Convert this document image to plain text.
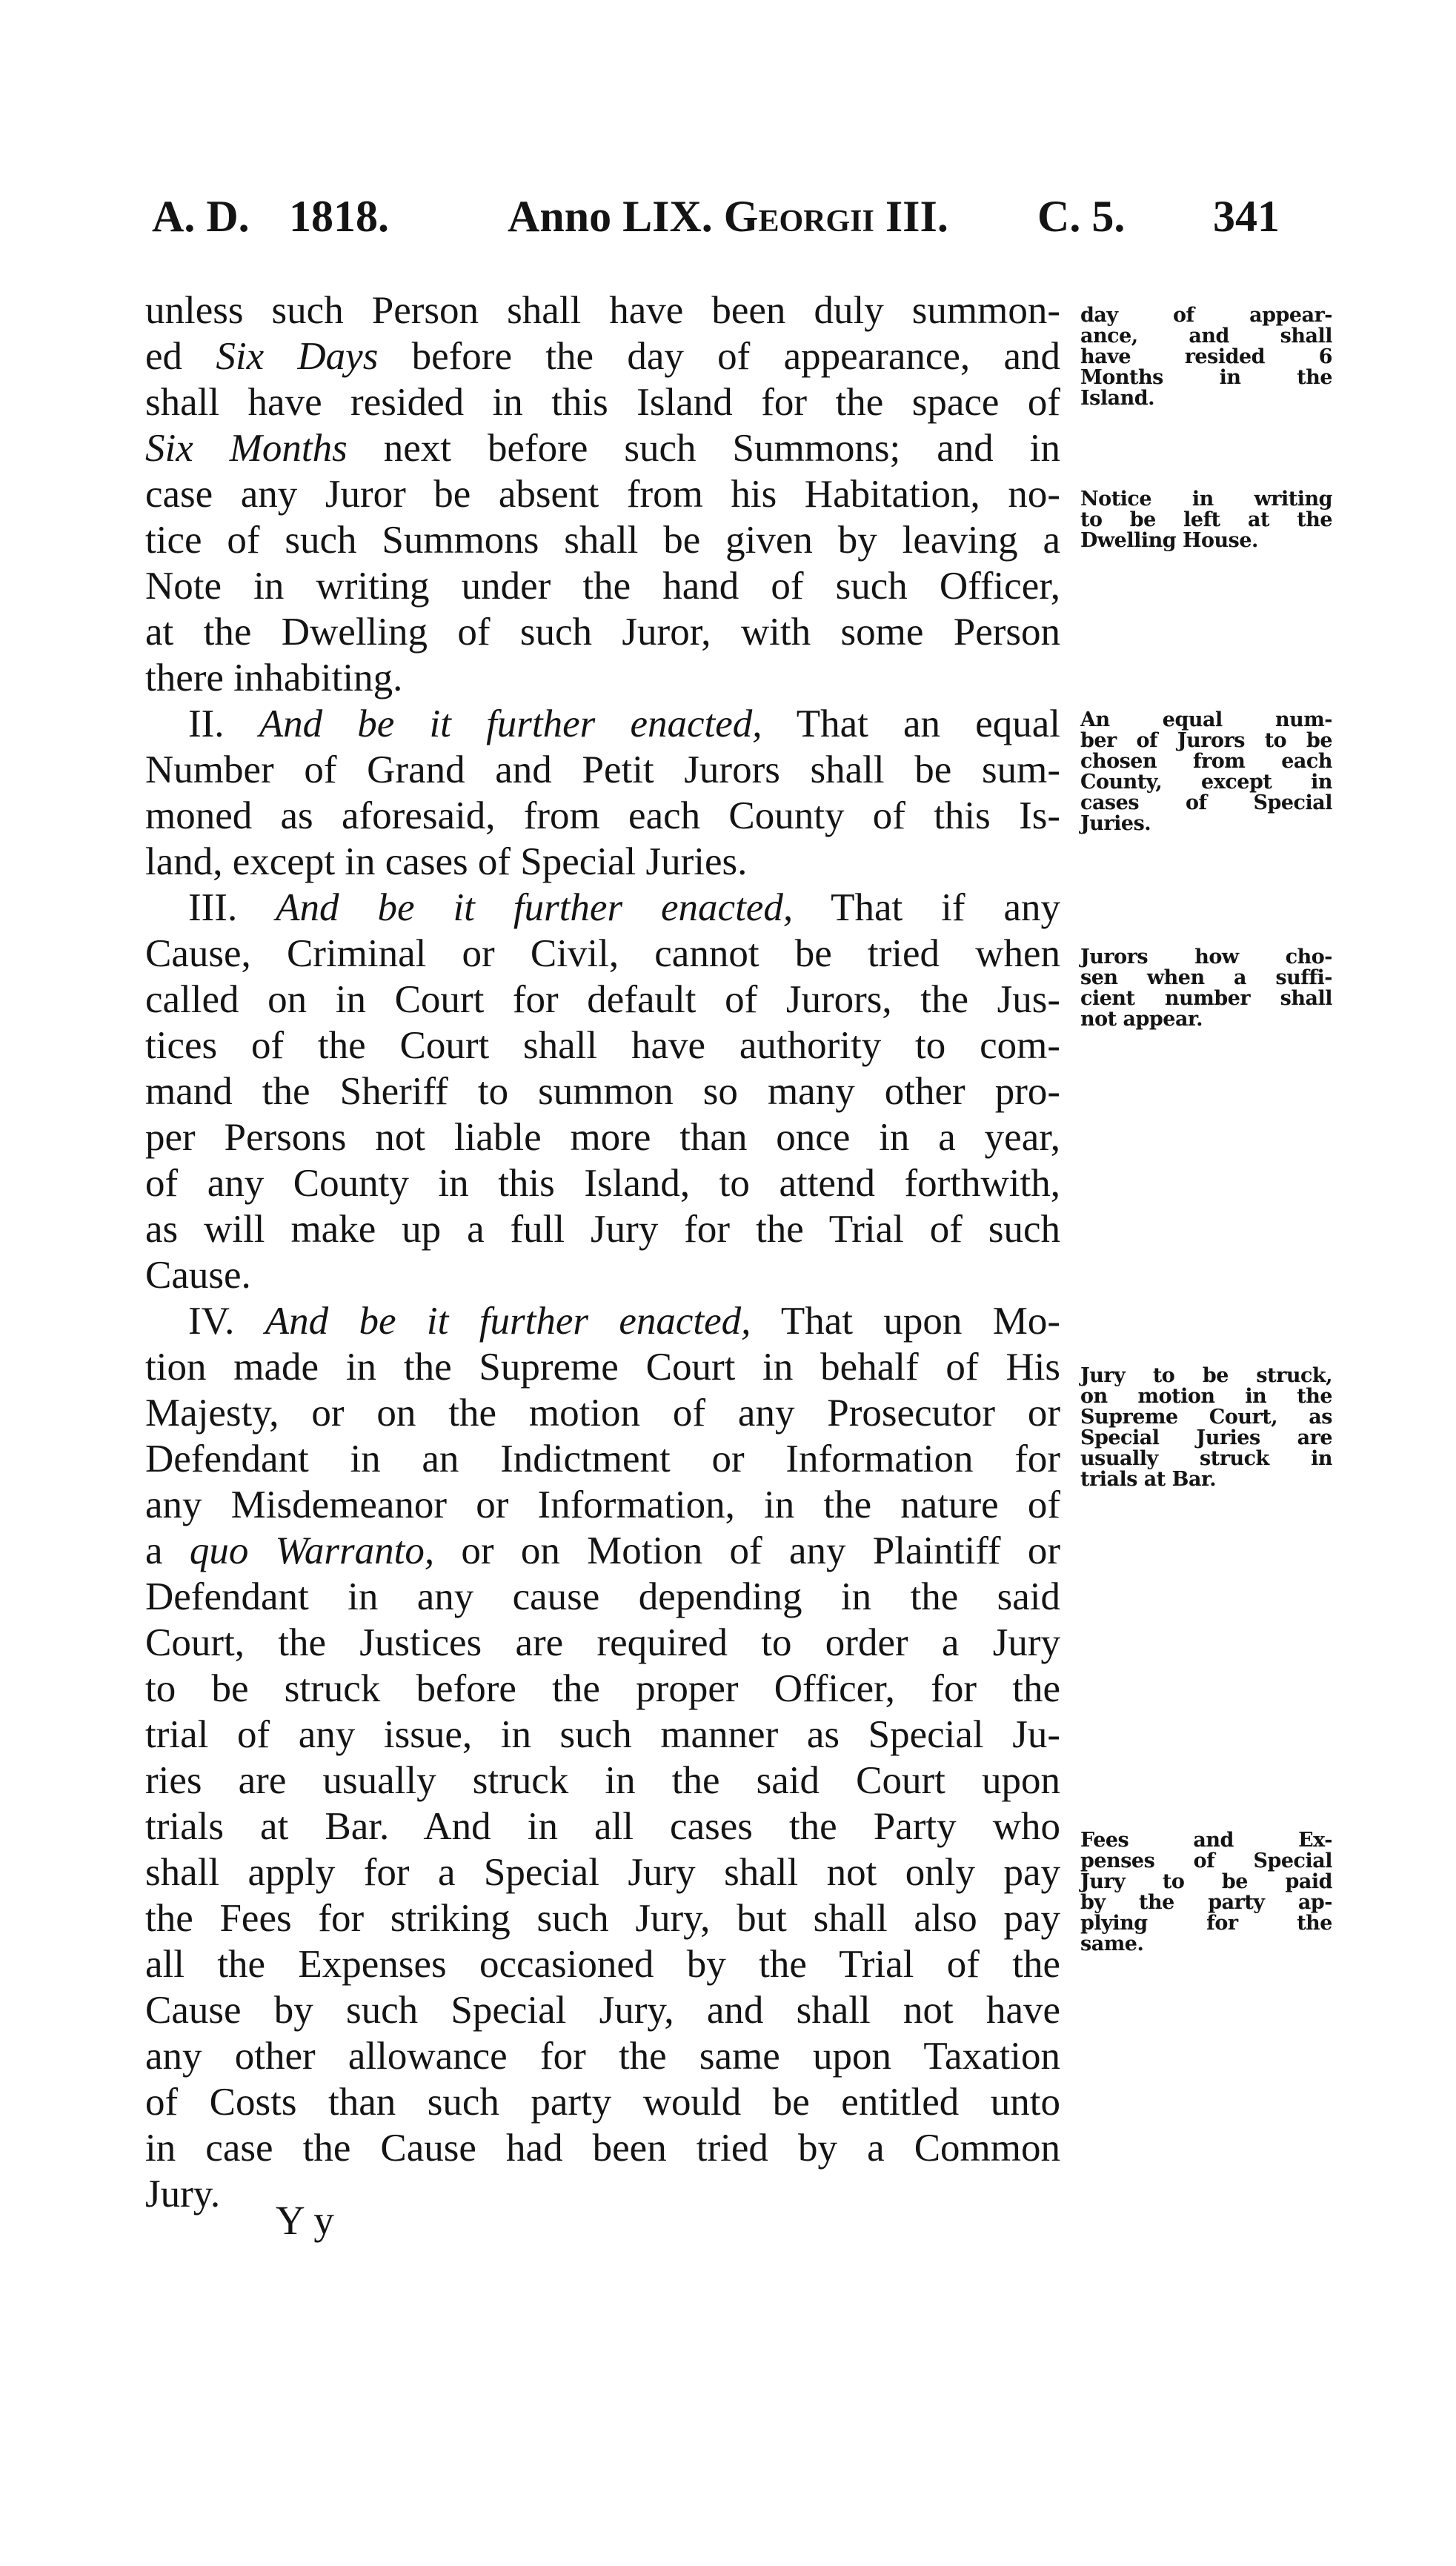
A. D. 1818.	Anno LIX. Georgii III. C. 5. 341
unless such Person shall have been duly summon-
ed Six Days before the day of appearance, and
shall have resided in this Island for the space of
Six Months next before such Summons; and in
case any Juror be absent from his Habitation, no-
tice of such Summons shall be given by leaving a
Note in writing under the hand of such Officer,
at the Dwelling of such Juror, with some Person
there inhabiting.
II. And be it further enacted, That an equal
Number of Grand and Petit Jurors shall be sum-
moned as aforesaid, from each County of this Is-
land, except in cases of Special Juries.
III. And be it further enacted, That if any
Cause, Criminal or Civil, cannot be tried when
called on in Court for default of Jurors, the Jus-
tices of the Court shall have authority to com-
mand the Sheriff to summon so many other pro-
per Persons not liable more than once in a year,
of any County in this Island, to attend forthwith,
as will make up a full Jury for the Trial of such
Cause.
IV. And be it further enacted, That upon Mo-
tion made in the Supreme Court in behalf of His
Majesty, or on the motion of any Prosecutor or
Defendant in an Indictment or Information for
any Misdemeanor or Information, in the nature of
a quo Warranto, or on Motion of any Plaintiff or
Defendant in any cause depending in the said
Court, the Justices are required to order a Jury
to be struck before the proper Officer, for the
trial of any issue, in such manner as Special Ju-
ries are usually struck in the said Court upon
trials at Bar. And in all cases the Party who
shall apply for a Special Jury shall not only pay
the Fees for striking such Jury, but shall also pay
all the Expenses occasioned by the Trial of the
Cause by such Special Jury, and shall not have
any other allowance for the same upon Taxation
of Costs than such party would be entitled unto
in case the Cause had been tried by a Common
Jury.
day of appear-
ance, and shall
have resided 6
Months in the
Island.
Notice in writing
to be left at the
Dwelling House.
An equal num-
ber of Jurors to be
chosen from each
County, except in
cases of Special
Juries.
Jurors how cho-
sen when a suffi-
cient number shall
not appear.
Jury to be struck,
on motion in the
Supreme Court, as
Special Juries are
usually struck in
trials at Bar.
Fees and Ex-
penses of Special
Jury to be paid
by the party ap-
plying for the
same.
Y y
